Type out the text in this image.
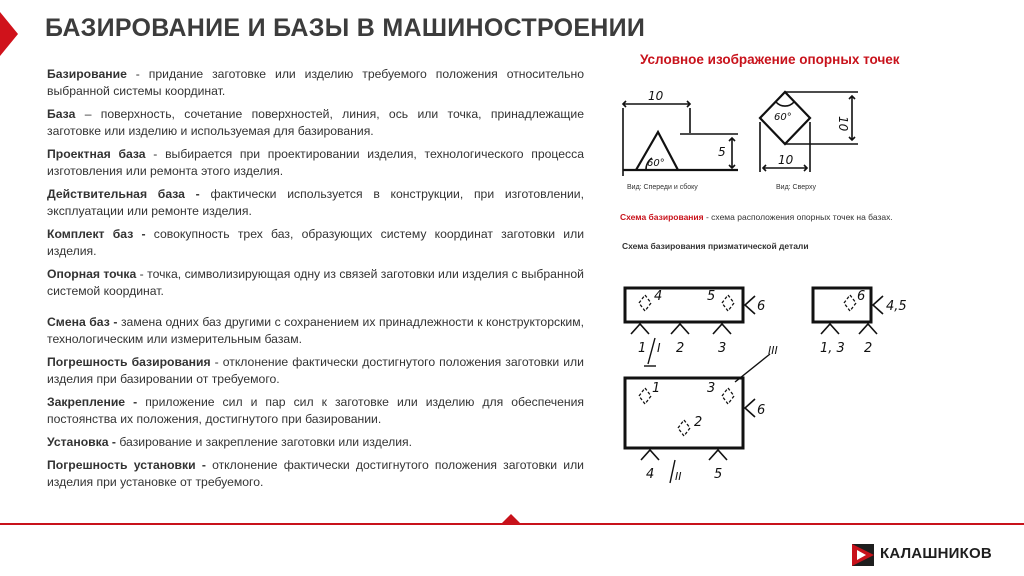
БАЗИРОВАНИЕ И БАЗЫ В МАШИНОСТРОЕНИИ

Базирование - придание заготовке или изделию требуемого положения относительно выбранной системы координат.

База – поверхность, сочетание поверхностей, линия, ось или точка, принадлежащие заготовке или изделию и используемая для базирования.

Проектная база - выбирается при проектировании изделия, технологического процесса изготовления или ремонта этого изделия.

Действительная база - фактически используется в конструкции, при изготовлении, эксплуатации или ремонте изделия.

Комплект баз - совокупность трех баз, образующих систему координат заготовки или изделия.

Опорная точка - точка, символизирующая одну из связей заготовки или изделия с выбранной системой координат.

Смена баз - замена одних баз другими с сохранением их принадлежности к конструкторским, технологическим или измерительным базам.

Погрешность базирования - отклонение фактически достигнутого положения заготовки или изделия при базировании от требуемого.

Закрепление - приложение сил и пар сил к заготовке или изделию для обеспечения постоянства их положения, достигнутого при базировании.

Установка - базирование и закрепление заготовки или изделия.

Погрешность установки - отклонение фактически достигнутого положения заготовки или изделия при установке от требуемого.

Условное изображение опорных точек

10
5
60°
10
10
60°

Вид: Спереди и сбоку	Вид: Сверху

Схема базирования - схема расположения опорных точек на базах.

Схема базирования призматической детали

4	5
6
1 2	3
I
6
4,5
1, 3 2
1	3
2
6
III
II
4	5

КАЛАШНИКОВ
